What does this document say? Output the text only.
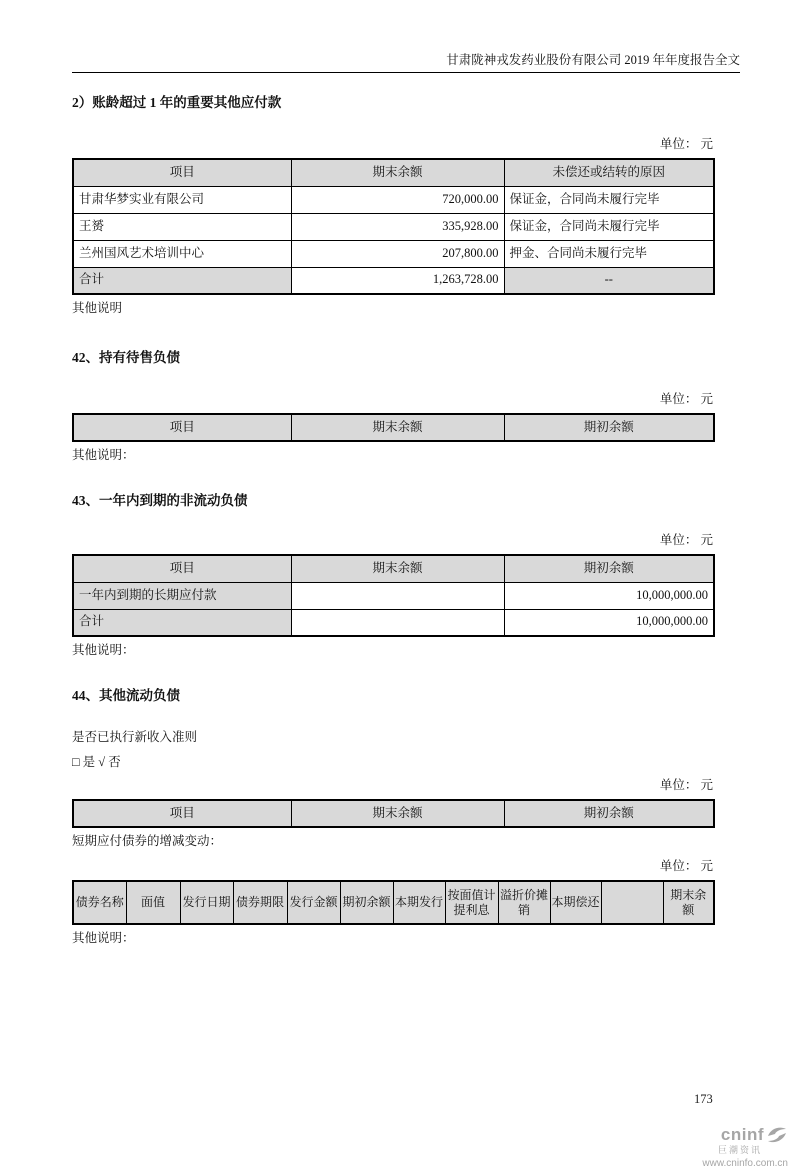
甘肃陇神戎发药业股份有限公司 2019 年年度报告全文
2）账龄超过 1 年的重要其他应付款
单位： 元
项目	期末余额	未偿还或结转的原因
甘肃华梦实业有限公司	720,000.00	保证金，合同尚未履行完毕
王赟	335,928.00	保证金，合同尚未履行完毕
兰州国风艺术培训中心	207,800.00	押金、合同尚未履行完毕
合计	1,263,728.00	--
其他说明
42、持有待售负债
单位： 元
项目	期末余额	期初余额
其他说明：
43、一年内到期的非流动负债
单位： 元
项目	期末余额	期初余额
一年内到期的长期应付款		10,000,000.00
合计		10,000,000.00
其他说明：
44、其他流动负债
是否已执行新收入准则
□ 是 √ 否
单位： 元
项目	期末余额	期初余额
短期应付债券的增减变动：
单位： 元
债券名称	面值	发行日期	债券期限	发行金额	期初余额	本期发行	按面值计提利息	溢折价摊销	本期偿还		期末余额
其他说明：
173
cninf
巨潮资讯
www.cninfo.com.cn
